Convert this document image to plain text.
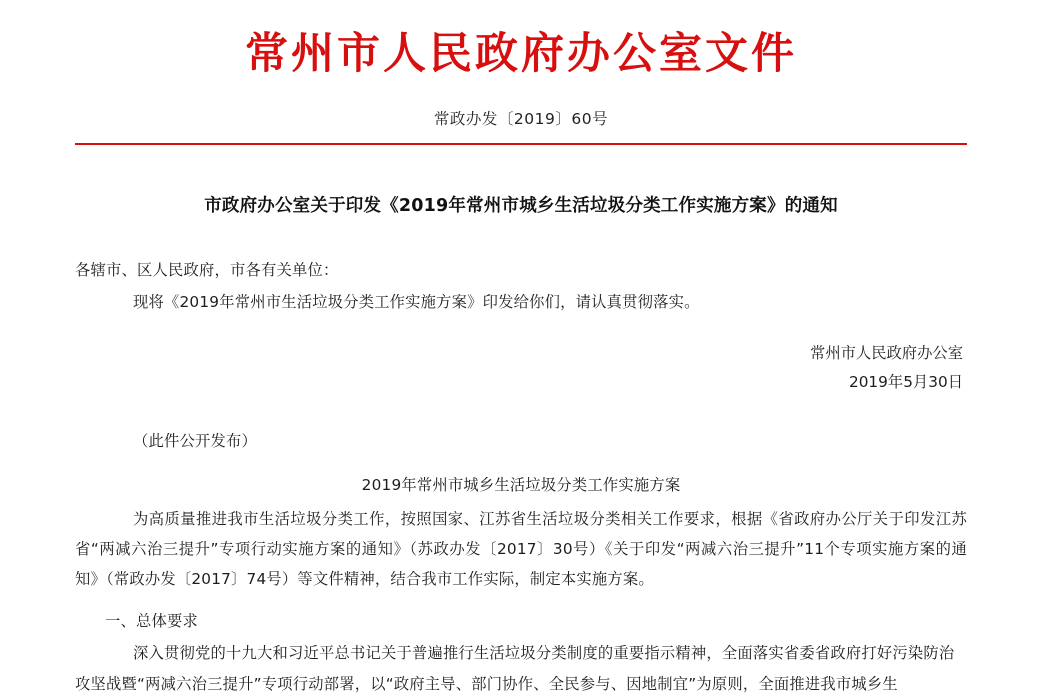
常州市人民政府办公室文件
常政办发〔2019〕60号
市政府办公室关于印发《2019年常州市城乡生活垃圾分类工作实施方案》的通知
各辖市、区人民政府，市各有关单位：
现将《2019年常州市生活垃圾分类工作实施方案》印发给你们，请认真贯彻落实。
常州市人民政府办公室
2019年5月30日
（此件公开发布）
2019年常州市城乡生活垃圾分类工作实施方案
为高质量推进我市生活垃圾分类工作，按照国家、江苏省生活垃圾分类相关工作要求，根据《省政府办公厅关于印发江苏省“两减六治三提升”专项行动实施方案的通知》（苏政办发〔2017〕30号）《关于印发“两减六治三提升”11个专项实施方案的通知》（常政办发〔2017〕74号）等文件精神，结合我市工作实际，制定本实施方案。
一、总体要求
深入贯彻党的十九大和习近平总书记关于普遍推行生活垃圾分类制度的重要指示精神，全面落实省委省政府打好污染防治
攻坚战暨“两减六治三提升”专项行动部署，以“政府主导、部门协作、全民参与、因地制宜”为原则，全面推进我市城乡生
